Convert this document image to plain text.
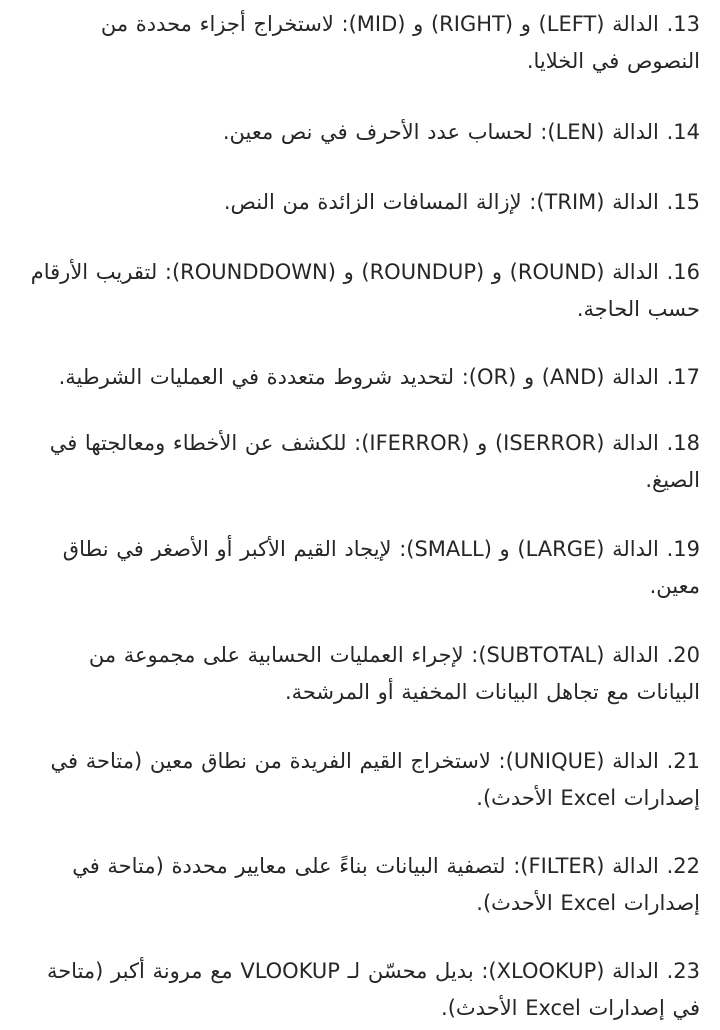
13. الدالة (LEFT) و (RIGHT) و (MID): لاستخراج أجزاء محددة من النصوص في الخلايا.

14. الدالة (LEN): لحساب عدد الأحرف في نص معين.

15. الدالة (TRIM): لإزالة المسافات الزائدة من النص.

16. الدالة (ROUND) و (ROUNDUP) و (ROUNDDOWN): لتقريب الأرقام حسب الحاجة.

17. الدالة (AND) و (OR): لتحديد شروط متعددة في العمليات الشرطية.

18. الدالة (ISERROR) و (IFERROR): للكشف عن الأخطاء ومعالجتها في الصيغ.

19. الدالة (LARGE) و (SMALL): لإيجاد القيم الأكبر أو الأصغر في نطاق معين.

20. الدالة (SUBTOTAL): لإجراء العمليات الحسابية على مجموعة من البيانات مع تجاهل البيانات المخفية أو المرشحة.

21. الدالة (UNIQUE): لاستخراج القيم الفريدة من نطاق معين (متاحة في إصدارات Excel الأحدث).

22. الدالة (FILTER): لتصفية البيانات بناءً على معايير محددة (متاحة في إصدارات Excel الأحدث).

23. الدالة (XLOOKUP): بديل محسّن لـ VLOOKUP مع مرونة أكبر (متاحة في إصدارات Excel الأحدث).
